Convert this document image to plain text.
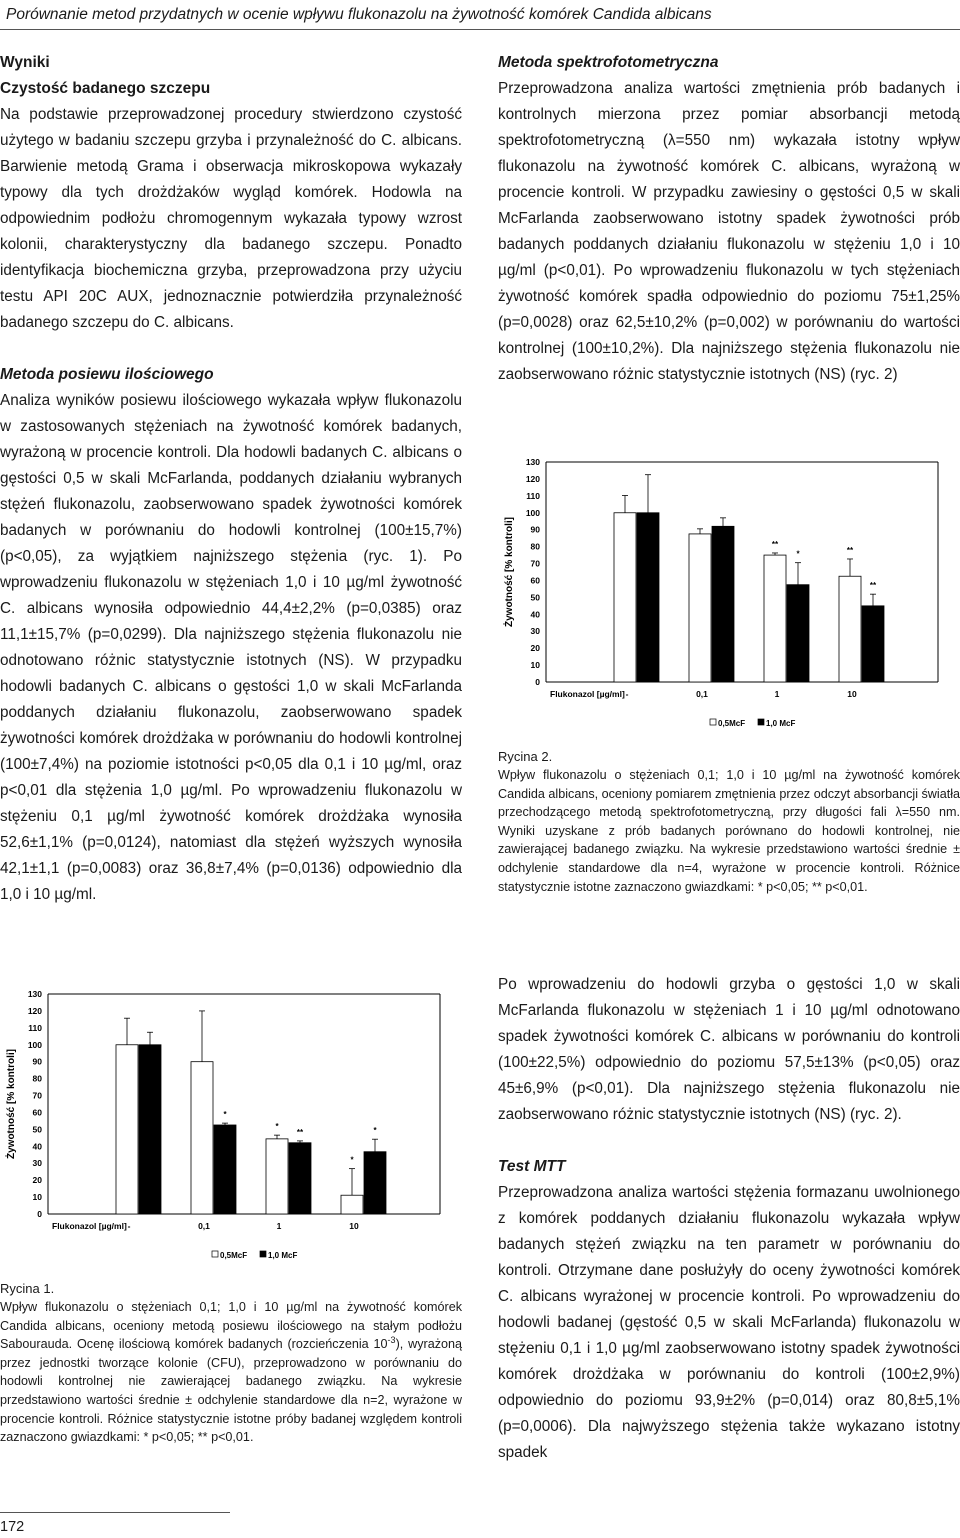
Porównanie metod przydatnych w ocenie wpływu flukonazolu na żywotność komórek Candida albicans

Wyniki

Czystość badanego szczepu

Na podstawie przeprowadzonej procedury stwierdzono czystość użytego w badaniu szczepu grzyba i przynależność do C. albicans. Barwienie metodą Grama i obserwacja mikroskopowa wykazały typowy dla tych drożdżaków wygląd komórek. Hodowla na odpowiednim podłożu chromogennym wykazała typowy wzrost kolonii, charakterystyczny dla badanego szczepu. Ponadto identyfikacja biochemiczna grzyba, przeprowadzona przy użyciu testu API 20C AUX, jednoznacznie potwierdziła przynależność badanego szczepu do C. albicans.

Metoda posiewu ilościowego

Analiza wyników posiewu ilościowego wykazała wpływ flukonazolu w zastosowanych stężeniach na żywotność komórek badanych, wyrażoną w procencie kontroli. Dla hodowli badanych C. albicans o gęstości 0,5 w skali McFarlanda, poddanych działaniu wybranych stężeń flukonazolu, zaobserwowano spadek żywotności komórek badanych w porównaniu do hodowli kontrolnej (100±15,7%) (p<0,05), za wyjątkiem najniższego stężenia (ryc. 1). Po wprowadzeniu flukonazolu w stężeniach 1,0 i 10 µg/ml żywotność C. albicans wynosiła odpowiednio 44,4±2,2% (p=0,0385) oraz 11,1±15,7% (p=0,0299). Dla najniższego stężenia flukonazolu nie odnotowano różnic statystycznie istotnych (NS). W przypadku hodowli badanych C. albicans o gęstości 1,0 w skali McFarlanda poddanych działaniu flukonazolu, zaobserwowano spadek żywotności komórek drożdżaka w porównaniu do hodowli kontrolnej (100±7,4%) na poziomie istotności p<0,05 dla 0,1 i 10 µg/ml, oraz p<0,01 dla stężenia 1,0 µg/ml. Po wprowadzeniu flukonazolu w stężeniu 0,1 µg/ml żywotność komórek drożdżaka wynosiła 52,6±1,1% (p=0,0124), natomiast dla stężeń wyższych wynosiła 42,1±1,1 (p=0,0083) oraz 36,8±7,4% (p=0,0136) odpowiednio dla 1,0 i 10 µg/ml.

Żywotność [% kontroli]
0
10
20
30
40
50
60
70
80
90
100
110
120
130
Flukonazol [µg/ml] -	0,1
*
1
*
**
10
*
*
0,5McF	1,0 McF

Rycina 1.

Wpływ flukonazolu o stężeniach 0,1; 1,0 i 10 µg/ml na żywotność komórek Candida albicans, oceniony metodą posiewu ilościowego na stałym podłożu Sabourauda. Ocenę ilościową komórek badanych (rozcieńczenia $10^{-3}$), wyrażoną przez jednostki tworzące kolonie (CFU), przeprowadzono w porównaniu do hodowli kontrolnej nie zawierającej badanego związku. Na wykresie przedstawiono wartości średnie ± odchylenie standardowe dla n=2, wyrażone w procencie kontroli. Różnice statystycznie istotne próby badanej względem kontroli zaznaczono gwiazdkami: * p<0,05; ** p<0,01.

172

Metoda spektrofotometryczna

Przeprowadzona analiza wartości zmętnienia prób badanych i kontrolnych mierzona przez pomiar absorbancji metodą spektrofotometryczną (λ=550 nm) wykazała istotny wpływ flukonazolu na żywotność komórek C. albicans, wyrażoną w procencie kontroli. W przypadku zawiesiny o gęstości 0,5 w skali McFarlanda zaobserwowano istotny spadek żywotności prób badanych poddanych działaniu flukonazolu w stężeniu 1,0 i 10 µg/ml (p<0,01). Po wprowadzeniu flukonazolu w tych stężeniach żywotność komórek spadła odpowiednio do poziomu 75±1,25% (p=0,0028) oraz 62,5±10,2% (p=0,002) w porównaniu do wartości kontrolnej (100±10,2%). Dla najniższego stężenia flukonazolu nie zaobserwowano różnic statystycznie istotnych (NS) (ryc. 2)

Żywotność [% kontroli]
0
10
20
30
40
50
60
70
80
90
100
110
120
130
Flukonazol [µg/ml] -	0,1	1
**
*
10
**
**
0,5McF	1,0 McF

Rycina 2.

Wpływ flukonazolu o stężeniach 0,1; 1,0 i 10 µg/ml na żywotność komórek Candida albicans, oceniony pomiarem zmętnienia przez odczyt absorbancji światła przechodzącego metodą spektrofotometryczną, przy długości fali λ=550 nm. Wyniki uzyskane z prób badanych porównano do hodowli kontrolnej, nie zawierającej badanego związku. Na wykresie przedstawiono wartości średnie ± odchylenie standardowe dla n=4, wyrażone w procencie kontroli. Różnice statystycznie istotne zaznaczono gwiazdkami: * p<0,05; ** p<0,01.

Po wprowadzeniu do hodowli grzyba o gęstości 1,0 w skali McFarlanda flukonazolu w stężeniach 1 i 10 µg/ml odnotowano spadek żywotności komórek C. albicans w porównaniu do kontroli (100±22,5%) odpowiednio do poziomu 57,5±13% (p<0,05) oraz 45±6,9% (p<0,01). Dla najniższego stężenia flukonazolu nie zaobserwowano różnic statystycznie istotnych (NS) (ryc. 2).

Test MTT

Przeprowadzona analiza wartości stężenia formazanu uwolnionego z komórek poddanych działaniu flukonazolu wykazała wpływ badanych stężeń związku na ten parametr w porównaniu do kontroli. Otrzymane dane posłużyły do oceny żywotności komórek C. albicans wyrażonej w procencie kontroli. Po wprowadzeniu do hodowli badanej (gęstość 0,5 w skali McFarlanda) flukonazolu w stężeniu 0,1 i 1,0 µg/ml zaobserwowano istotny spadek żywotności komórek drożdżaka w porównaniu do kontroli (100±2,9%) odpowiednio do poziomu 93,9±2% (p=0,014) oraz 80,8±5,1% (p=0,0006). Dla najwyższego stężenia także wykazano istotny spadek
